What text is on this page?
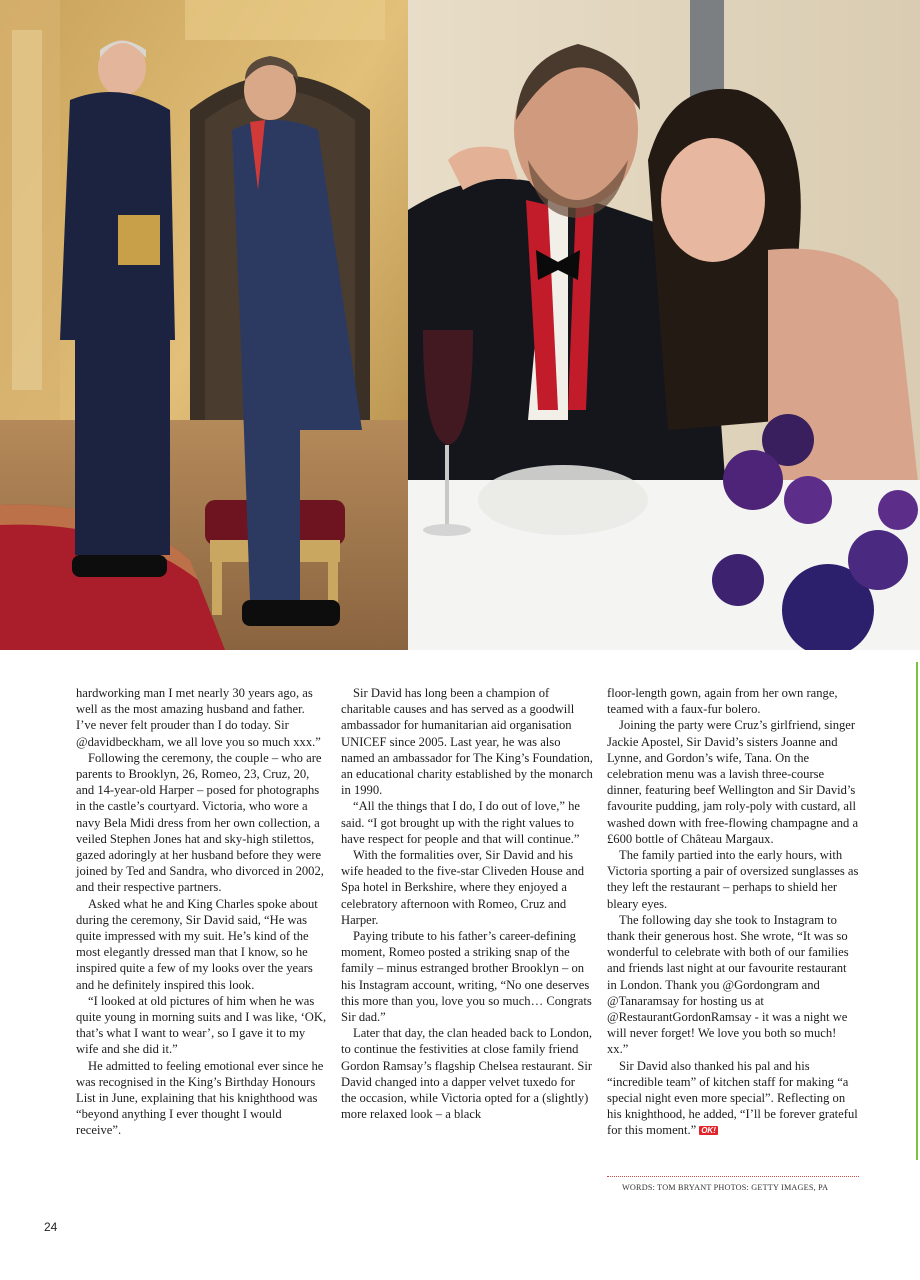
hardworking man I met nearly 30 years ago, as well as the most amazing husband and father. I’ve never felt prouder than I do today. Sir @davidbeckham, we all love you so much xxx.”

Following the ceremony, the couple – who are parents to Brooklyn, 26, Romeo, 23, Cruz, 20, and 14-year-old Harper – posed for photographs in the castle’s courtyard. Victoria, who wore a navy Bela Midi dress from her own collection, a veiled Stephen Jones hat and sky-high stilettos, gazed adoringly at her husband before they were joined by Ted and Sandra, who divorced in 2002, and their respective partners.

Asked what he and King Charles spoke about during the ceremony, Sir David said, “He was quite impressed with my suit. He’s kind of the most elegantly dressed man that I know, so he inspired quite a few of my looks over the years and he definitely inspired this look.

“I looked at old pictures of him when he was quite young in morning suits and I was like, ‘OK, that’s what I want to wear’, so I gave it to my wife and she did it.”

He admitted to feeling emotional ever since he was recognised in the King’s Birthday Honours List in June, explaining that his knighthood was “beyond anything I ever thought I would receive”.

Sir David has long been a champion of charitable causes and has served as a goodwill ambassador for humanitarian aid organisation UNICEF since 2005. Last year, he was also named an ambassador for The King’s Foundation, an educational charity established by the monarch in 1990.

“All the things that I do, I do out of love,” he said. “I got brought up with the right values to have respect for people and that will continue.”

With the formalities over, Sir David and his wife headed to the five-star Cliveden House and Spa hotel in Berkshire, where they enjoyed a celebratory afternoon with Romeo, Cruz and Harper.

Paying tribute to his father’s career-defining moment, Romeo posted a striking snap of the family – minus estranged brother Brooklyn – on his Instagram account, writing, “No one deserves this more than you, love you so much… Congrats Sir dad.”

Later that day, the clan headed back to London, to continue the festivities at close family friend Gordon Ramsay’s flagship Chelsea restaurant. Sir David changed into a dapper velvet tuxedo for the occasion, while Victoria opted for a (slightly) more relaxed look – a black

floor-length gown, again from her own range, teamed with a faux-fur bolero.

Joining the party were Cruz’s girlfriend, singer Jackie Apostel, Sir David’s sisters Joanne and Lynne, and Gordon’s wife, Tana. On the celebration menu was a lavish three-course dinner, featuring beef Wellington and Sir David’s favourite pudding, jam roly-poly with custard, all washed down with free-flowing champagne and a £600 bottle of Château Margaux.

The family partied into the early hours, with Victoria sporting a pair of oversized sunglasses as they left the restaurant – perhaps to shield her bleary eyes.

The following day she took to Instagram to thank their generous host. She wrote, “It was so wonderful to celebrate with both of our families and friends last night at our favourite restaurant in London. Thank you @Gordongram and @Tanaramsay for hosting us at @RestaurantGordonRamsay - it was a night we will never forget! We love you both so much! xx.”

Sir David also thanked his pal and his “incredible team” of kitchen staff for making “a special night even more special”. Reflecting on his knighthood, he added, “I’ll be forever grateful for this moment.” OK!

WORDS: TOM BRYANT PHOTOS: GETTY IMAGES, PA
24
